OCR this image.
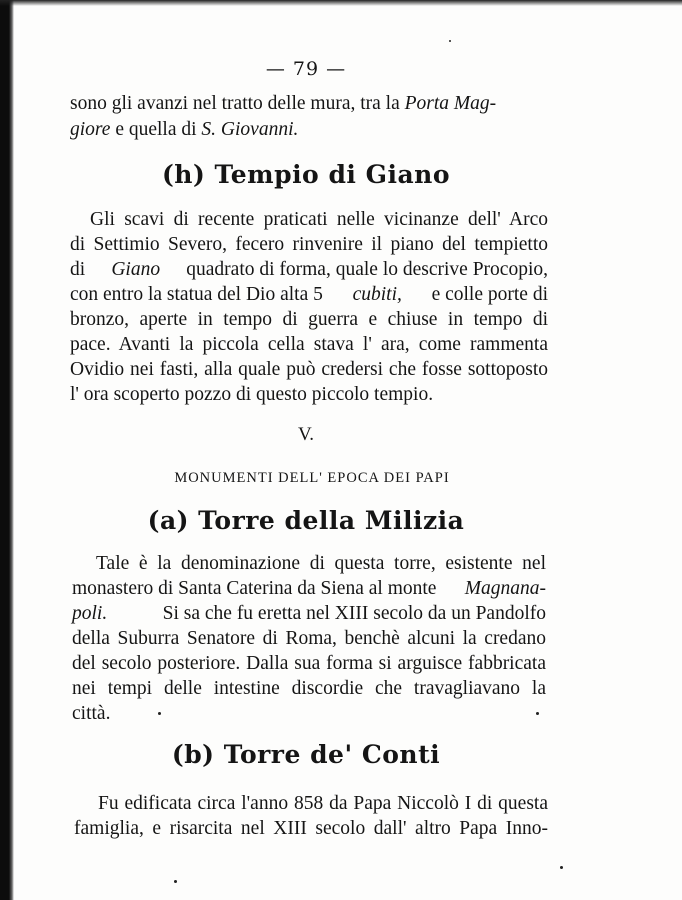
— 79 —
sono gli avanzi nel tratto delle mura, tra la Porta Mag-
giore e quella di S. Giovanni.
(h) Tempio di Giano
Gli scavi di recente praticati nelle vicinanze dell' Arco
di Settimio Severo, fecero rinvenire il piano del tempietto
di Giano quadrato di forma, quale lo descrive Procopio,
con entro la statua del Dio alta 5 cubiti, e colle porte di
bronzo, aperte in tempo di guerra e chiuse in tempo di
pace. Avanti la piccola cella stava l' ara, come rammenta
Ovidio nei fasti, alla quale può credersi che fosse sottoposto
l' ora scoperto pozzo di questo piccolo tempio.
V.
MONUMENTI DELL' EPOCA DEI PAPI
(a) Torre della Milizia
Tale è la denominazione di questa torre, esistente nel
monastero di Santa Caterina da Siena al monte Magnana-
poli.	Si sa che fu eretta nel XIII secolo da un Pandolfo
della Suburra Senatore di Roma, benchè alcuni la credano
del secolo posteriore. Dalla sua forma si arguisce fabbricata
nei tempi delle intestine discordie che travagliavano la
città.
(b) Torre de' Conti
Fu edificata circa l'anno 858 da Papa Niccolò I di questa
famiglia, e risarcita nel XIII secolo dall' altro Papa Inno-
